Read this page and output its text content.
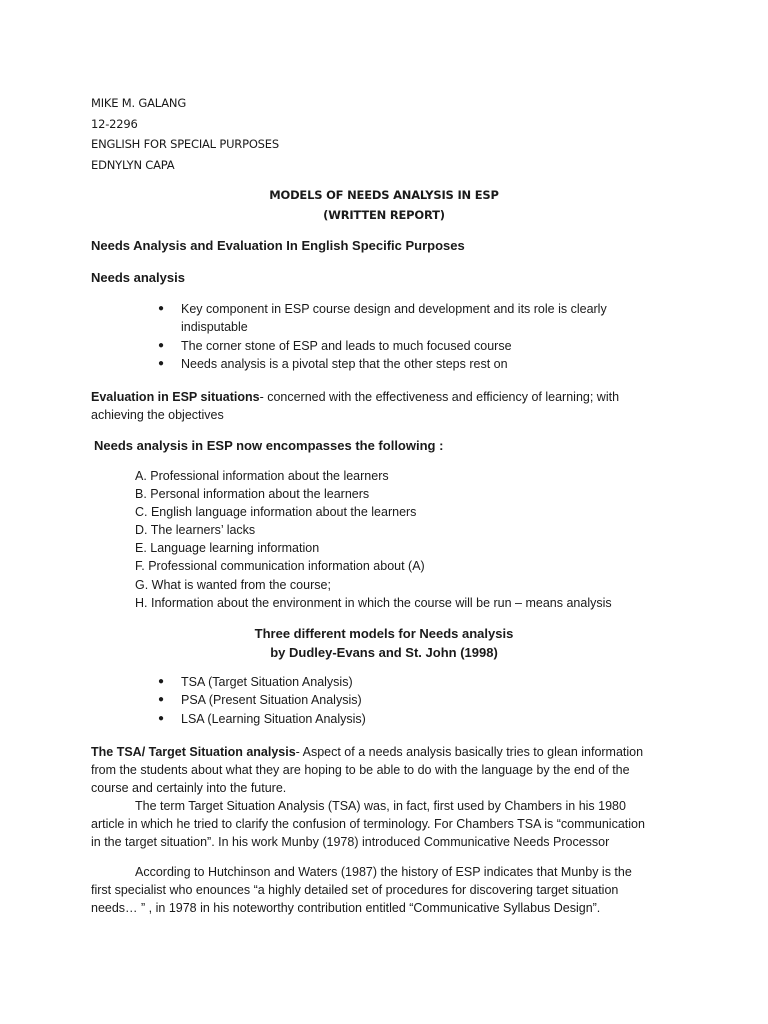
MIKE M. GALANG
12-2296
ENGLISH FOR SPECIAL PURPOSES
EDNYLYN CAPA
MODELS OF NEEDS ANALYSIS IN ESP
(WRITTEN REPORT)
Needs Analysis and Evaluation In English Specific Purposes
Needs analysis
● Key component in ESP course design and development and its role is clearly
indisputable
● The corner stone of ESP and leads to much focused course
● Needs analysis is a pivotal step that the other steps rest on
Evaluation in ESP situations- concerned with the effectiveness and efficiency of learning; with
achieving the objectives
Needs analysis in ESP now encompasses the following :
A. Professional information about the learners
B. Personal information about the learners
C. English language information about the learners
D. The learners’ lacks
E. Language learning information
F. Professional communication information about (A)
G. What is wanted from the course;
H. Information about the environment in which the course will be run – means analysis
Three different models for Needs analysis
by Dudley-Evans and St. John (1998)
● TSA (Target Situation Analysis)
● PSA (Present Situation Analysis)
● LSA (Learning Situation Analysis)
The TSA/ Target Situation analysis- Aspect of a needs analysis basically tries to glean information
from the students about what they are hoping to be able to do with the language by the end of the
course and certainly into the future.
The term Target Situation Analysis (TSA) was, in fact, first used by Chambers in his 1980
article in which he tried to clarify the confusion of terminology. For Chambers TSA is “communication
in the target situation”. In his work Munby (1978) introduced Communicative Needs Processor
According to Hutchinson and Waters (1987) the history of ESP indicates that Munby is the
first specialist who enounces “a highly detailed set of procedures for discovering target situation
needs… ” , in 1978 in his noteworthy contribution entitled “Communicative Syllabus Design”.
